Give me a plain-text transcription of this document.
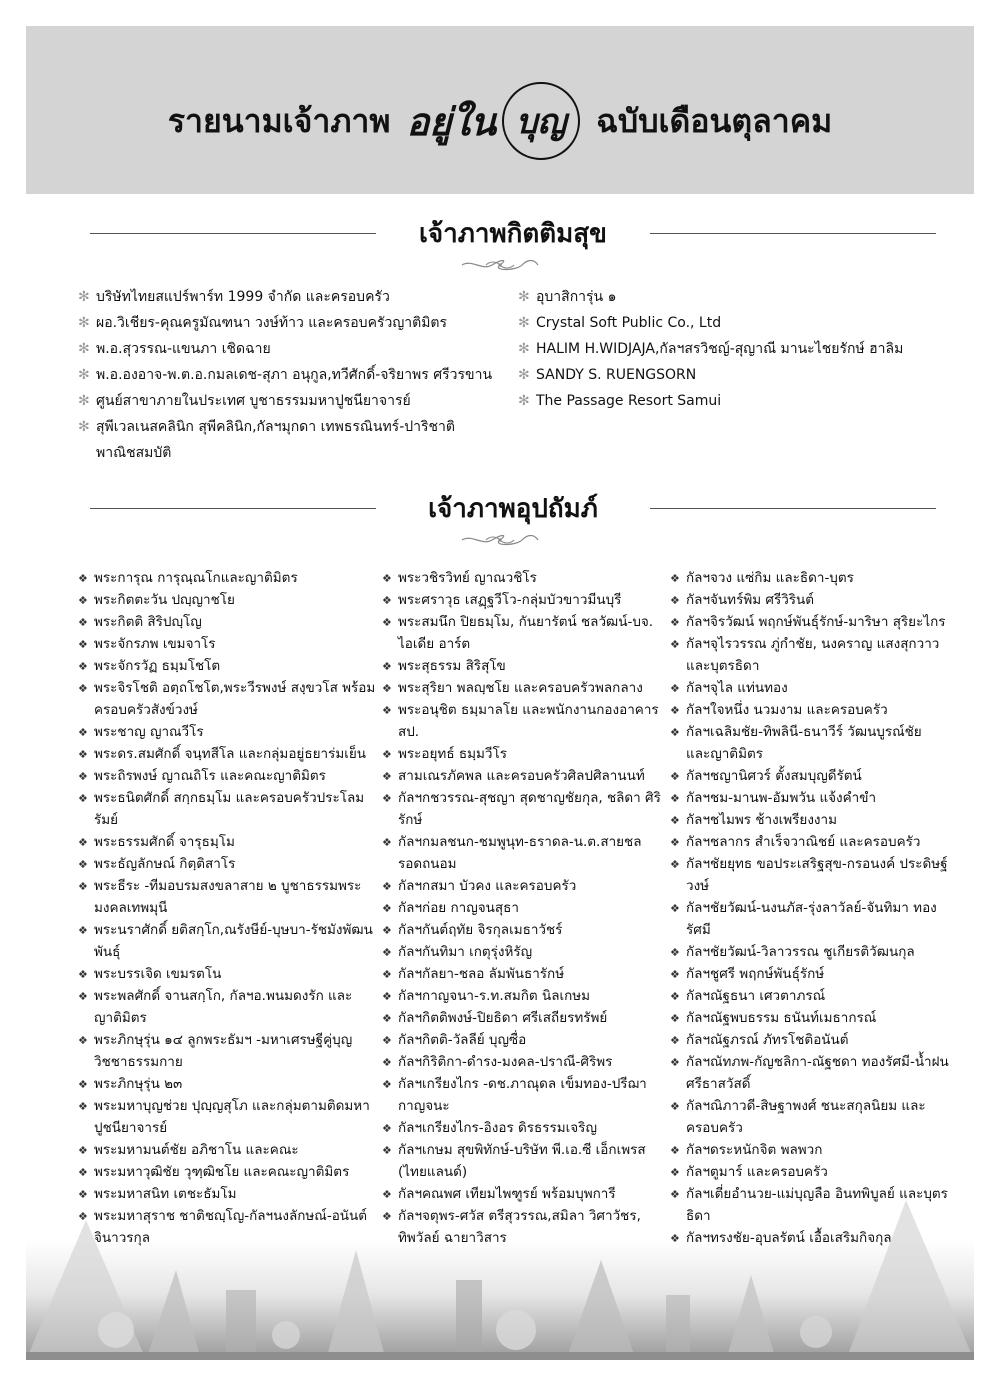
รายนามเจ้าภาพ อยู่ใน บุญ ฉบับเดือนตุลาคม
เจ้าภาพกิตติมสุข
✻ บริษัทไทยสแปร์พาร์ท 1999 จำกัด และครอบครัว
✻ ผอ.วิเชียร-คุณครูมัณฑนา วงษ์ท้าว และครอบครัวญาติมิตร
✻ พ.อ.สุวรรณ-แขนภา เชิดฉาย
✻ พ.อ.องอาจ-พ.ต.อ.กมลเดช-สุภา อนุกูล,ทวีศักดิ์-จริยาพร ศรีวรขาน
✻ ศูนย์สาขาภายในประเทศ บูชาธรรมมหาปูชนียาจารย์
✻ สุพีเวลเนสคลินิก สุพีคลินิก,กัลฯมุกดา เทพธรณินทร์-ปาริชาติ พาณิชสมบัติ
✻ อุบาสิการุ่น ๑
✻ Crystal Soft Public Co., Ltd
✻ HALIM H.WIDJAJA,กัลฯสรวิชญ์-สุญาณี มานะไชยรักษ์ ฮาลิม
✻ SANDY S. RUENGSORN
✻ The Passage Resort Samui
เจ้าภาพอุปถัมภ์
❖ พระการุณ การุณฺณโกและญาติมิตร
❖ พระกิตตะวัน ปญฺญาชโย
❖ พระกิตติ สิริปญฺโญ
❖ พระจักรภพ เขมจาโร
❖ พระจักรวัฏ ธมฺมโชโต
❖ พระจิรโชติ อตฺถโชโต,พระวีรพงษ์ สงฺขวโส พร้อมครอบครัวสังข์วงษ์
❖ พระชาญ ญาณวีโร
❖ พระดร.สมศักดิ์ จนฺทสีโล และกลุ่มอยู่ธยาร่มเย็น
❖ พระถิรพงษ์ ญาณถิโร และคณะญาติมิตร
❖ พระธนิตศักดิ์ สกฺกธมฺโม และครอบครัวประโลมรัมย์
❖ พระธรรมศักดิ์ จารุธมฺโม
❖ พระธัญลักษณ์ กิตฺติสาโร
❖ พระธีระ -ทีมอบรมสงขลาสาย ๒ บูชาธรรมพระมงคลเทพมุนี
❖ พระนราศักดิ์ ยติสกฺโก,ณรังษีย์-บุษบา-รัชมังพัฒนพันธุ์
❖ พระบรรเจิด เขมรตโน
❖ พระพลศักดิ์ จานสกฺโก, กัลฯอ.พนมดงรัก และญาติมิตร
❖ พระภิกษุรุ่น ๑๔ ลูกพระธัมฯ -มหาเศรษฐีคู่บุญ วิชชาธรรมกาย
❖ พระภิกษุรุ่น ๒๓
❖ พระมหาบุญช่วย ปุญฺญสุโภ และกลุ่มตามติดมหาปูชนียาจารย์
❖ พระมหามนต์ชัย อภิชาโน และคณะ
❖ พระมหาวุฒิชัย วุฑฺฒิชโย และคณะญาติมิตร
❖ พระมหาสนิท เตชะธัมโม
❖ พระมหาสุราช ชาติชญฺโญ-กัลฯนงลักษณ์-อนันต์ จินาวรกุล
❖ พระวชิรวิทย์ ญาณวชิโร
❖ พระศราวุธ เสฏฺฐวีโว-กลุ่มบัวขาวมีนบุรี
❖ พระสมนึก ปิยธมฺโม, กันยารัตน์ ชลวัฒน์-บจ. ไอเดีย อาร์ต
❖ พระสุธรรม สิริสุโข
❖ พระสุริยา พลญฺชโย และครอบครัวพลกลาง
❖ พระอนุชิต ธมฺมาลโย และพนักงานกองอาคาร สป.
❖ พระอยุทธ์ ธมฺมวีโร
❖ สามเณรภัคพล และครอบครัวศิลปศิลานนท์
❖ กัลฯกชวรรณ-สุชญา สุดชาญชัยกุล, ชลิดา ศิริรักษ์
❖ กัลฯกมลชนก-ชมพูนุท-ธราดล-น.ต.สายชล รอดถนอม
❖ กัลฯกสมา บัวคง และครอบครัว
❖ กัลฯก่อย กาญจนสุธา
❖ กัลฯกันต์ฤทัย จิรกุลเมธาวัชร์
❖ กัลฯกันทิมา เกตุรุ่งหิรัญ
❖ กัลฯกัลยา-ชลอ ลัมพันธารักษ์
❖ กัลฯกาญจนา-ร.ท.สมกิต นิลเกษม
❖ กัลฯกิตติพงษ์-ปิยธิดา ศรีเสถียรทรัพย์
❖ กัลฯกิตติ-วัลลีย์ บุญซื่อ
❖ กัลฯกิริติกา-ดำรง-มงคล-ปราณี-ศิริพร
❖ กัลฯเกรียงไกร -ดช.ภาณุดล เข็มทอง-ปรีฌา กาญจนะ
❖ กัลฯเกรียงไกร-อิงอร ดิรธรรมเจริญ
❖ กัลฯเกษม สุขพิทักษ์-บริษัท พี.เอ.ซี เอ็กเพรส (ไทยแลนด์)
❖ กัลฯคณพศ เทียมไพฑูรย์ พร้อมบุพการี
❖ กัลฯจตุพร-ศวัส ตรีสุวรรณ,สมิลา วิศาวัชร, ทิพวัลย์ ฉายาวิสาร
❖ กัลฯจวง แซ่กิม และธิดา-บุตร
❖ กัลฯจันทร์พิม ศรีวิรินต์
❖ กัลฯจิรวัฒน์ พฤกษ์พันธุ์รักษ์-มาริษา สุริยะไกร
❖ กัลฯจุไรวรรณ ภู่กำชัย, นงคราญ แสงสุกวาว และบุตรธิดา
❖ กัลฯจุไล แท่นทอง
❖ กัลฯใจหนึ่ง นวมงาม และครอบครัว
❖ กัลฯเฉลิมชัย-ทิพลินี-ธนาวีร์ วัฒนบูรณ์ชัย และญาติมิตร
❖ กัลฯชญานิศวร์ ตั้งสมบุญดีรัตน์
❖ กัลฯชม-มานพ-อัมพวัน แจ้งคำขำ
❖ กัลฯชไมพร ช้างเพรียงงาม
❖ กัลฯชลากร สำเร็จวาณิชย์ และครอบครัว
❖ กัลฯชัยยุทธ ขอประเสริฐสุข-กรอนงค์ ประดิษฐ์วงษ์
❖ กัลฯชัยวัฒน์-นงนภัส-รุ่งลาวัลย์-จันทิมา ทองรัศมี
❖ กัลฯชัยวัฒน์-วิลาวรรณ ชูเกียรติวัฒนกุล
❖ กัลฯชูศรี พฤกษ์พันธุ์รักษ์
❖ กัลฯณัฐธนา เศวตาภรณ์
❖ กัลฯณัฐพบธรรม ธนันท์เมธากรณ์
❖ กัลฯณัฐภรณ์ ภัทรโชติอนันต์
❖ กัลฯณัทภพ-กัญชลิกา-ณัฐชดา ทองรัศมี-น้ำฝน ศรีธาสวัสดิ์
❖ กัลฯณิภาวดี-สิษฐาพงศ์ ชนะสกุลนิยม และครอบครัว
❖ กัลฯดระหนักจิต พลพวก
❖ กัลฯตูมาร์ และครอบครัว
❖ กัลฯเตี่ยอำนวย-แม่บุญลือ อินทพิบูลย์ และบุตรธิดา
❖ กัลฯทรงชัย-อุบลรัตน์ เอื้อเสริมกิจกุล
